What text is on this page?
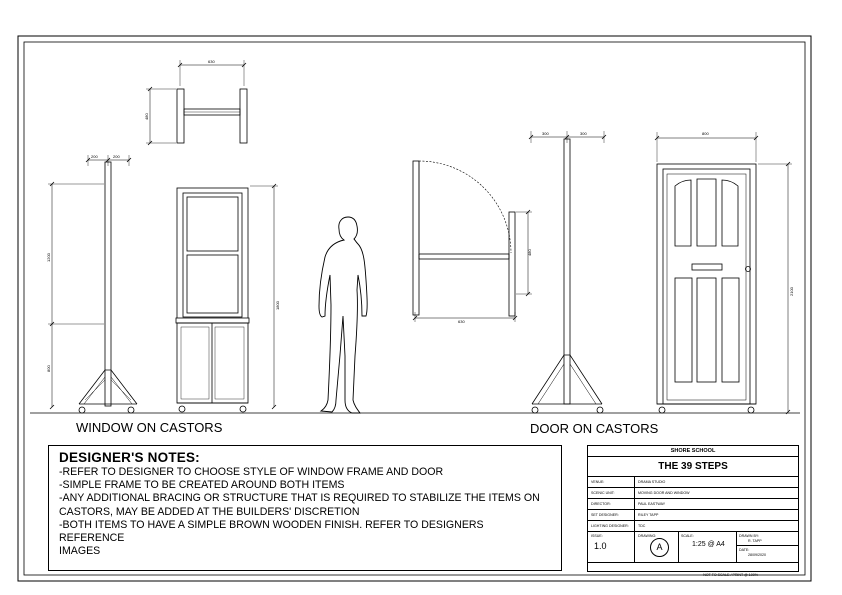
630
480
200	200
1200
800
1800
630
480
300	300	800
2100
WINDOW ON CASTORS	DOOR ON CASTORS
DESIGNER'S NOTES:

-REFER TO DESIGNER TO CHOOSE STYLE OF WINDOW FRAME AND DOOR

-SIMPLE FRAME TO BE CREATED AROUND BOTH ITEMS

-ANY ADDITIONAL BRACING OR STRUCTURE THAT IS REQUIRED TO STABILIZE THE ITEMS ON

CASTORS, MAY BE ADDED AT THE BUILDERS' DISCRETION

-BOTH ITEMS TO HAVE A SIMPLE BROWN WOODEN FINISH. REFER TO DESIGNERS REFERENCE

IMAGES

SHORE SCHOOL
THE 39 STEPS
VENUE:	DRAMA STUDIO
SCENIC UNIT:	MOVING DOOR AND WINDOW
DIRECTOR:	PAUL EASTWAY
SET DESIGNER:	RILEY TAPP
LIGHTING DESIGNER:	TDC
ISSUE:
1.0
DRAWING:
A
SCALE:
1:25 @ A4
DRAWN BY:
R. TAPP
DATE:
28/09/2020
NOT TO SCALE / PRINT @ 100%
